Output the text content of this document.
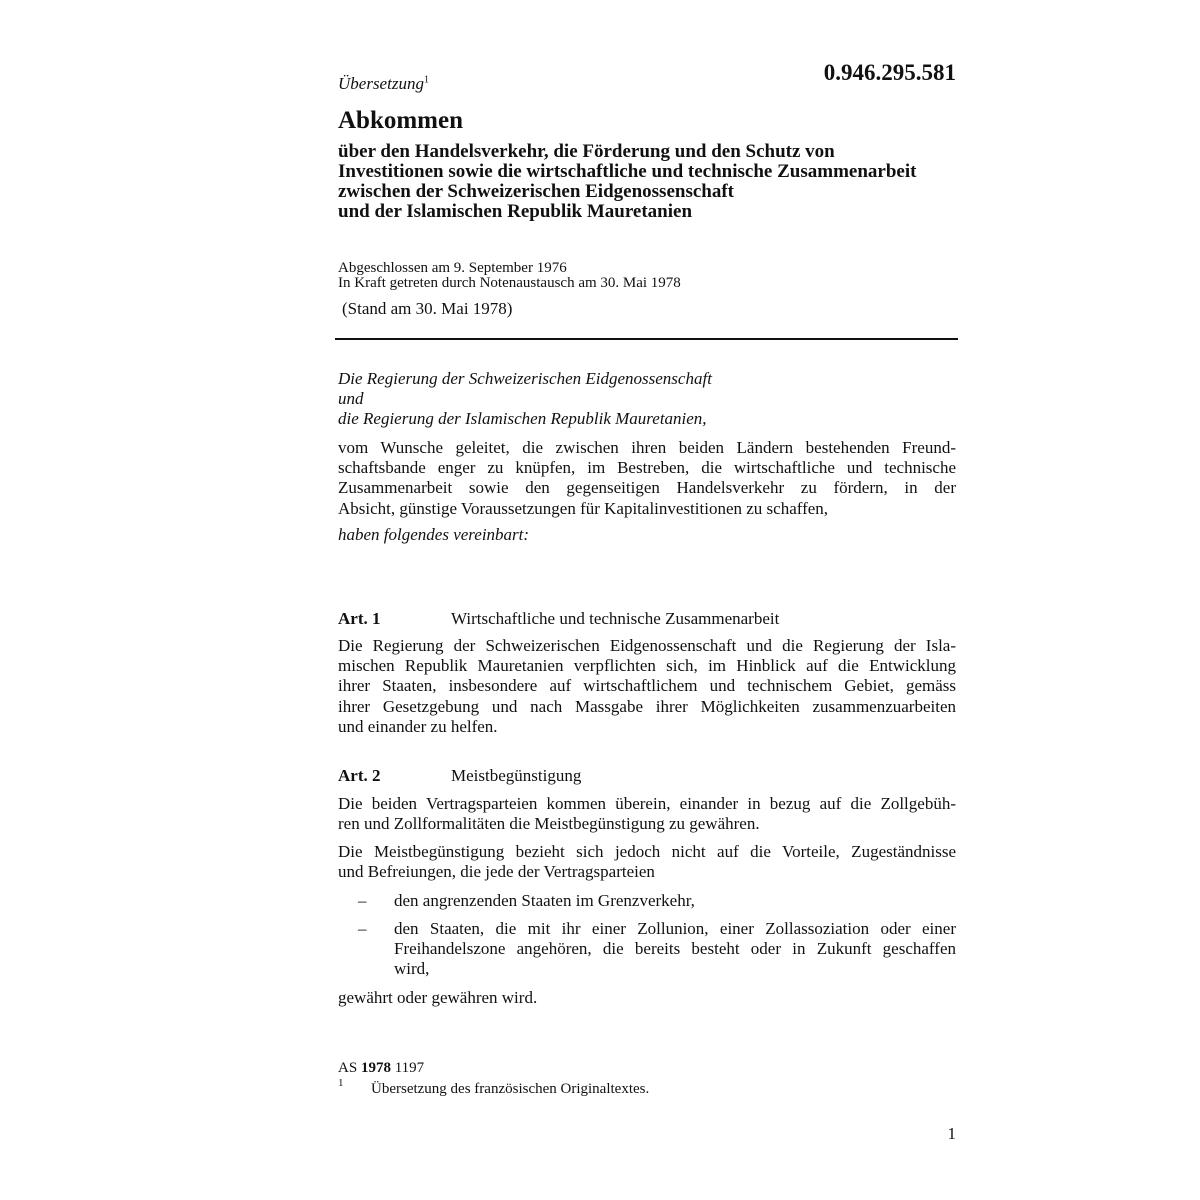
Übersetzung$^1$	0.946.295.581
Abkommen
über den Handelsverkehr, die Förderung und den Schutz von
Investitionen sowie die wirtschaftliche und technische Zusammenarbeit
zwischen der Schweizerischen Eidgenossenschaft
und der Islamischen Republik Mauretanien
Abgeschlossen am 9. September 1976
In Kraft getreten durch Notenaustausch am 30. Mai 1978
(Stand am 30. Mai 1978)
Die Regierung der Schweizerischen Eidgenossenschaft
und
die Regierung der Islamischen Republik Mauretanien,
vom Wunsche geleitet, die zwischen ihren beiden Ländern bestehenden Freund-
schaftsbande enger zu knüpfen, im Bestreben, die wirtschaftliche und technische
Zusammenarbeit sowie den gegenseitigen Handelsverkehr zu fördern, in der
Absicht, günstige Voraussetzungen für Kapitalinvestitionen zu schaffen,
haben folgendes vereinbart:
Art. 1	Wirtschaftliche und technische Zusammenarbeit
Die Regierung der Schweizerischen Eidgenossenschaft und die Regierung der Isla-
mischen Republik Mauretanien verpflichten sich, im Hinblick auf die Entwicklung
ihrer Staaten, insbesondere auf wirtschaftlichem und technischem Gebiet, gemäss
ihrer Gesetzgebung und nach Massgabe ihrer Möglichkeiten zusammenzuarbeiten
und einander zu helfen.
Art. 2	Meistbegünstigung
Die beiden Vertragsparteien kommen überein, einander in bezug auf die Zollgebüh-
ren und Zollformalitäten die Meistbegünstigung zu gewähren.
Die Meistbegünstigung bezieht sich jedoch nicht auf die Vorteile, Zugeständnisse
und Befreiungen, die jede der Vertragsparteien
– den angrenzenden Staaten im Grenzverkehr,
– den Staaten, die mit ihr einer Zollunion, einer Zollassoziation oder einer
Freihandelszone angehören, die bereits besteht oder in Zukunft geschaffen
wird,
gewährt oder gewähren wird.
AS 1978 1197
1 Übersetzung des französischen Originaltextes.
1
